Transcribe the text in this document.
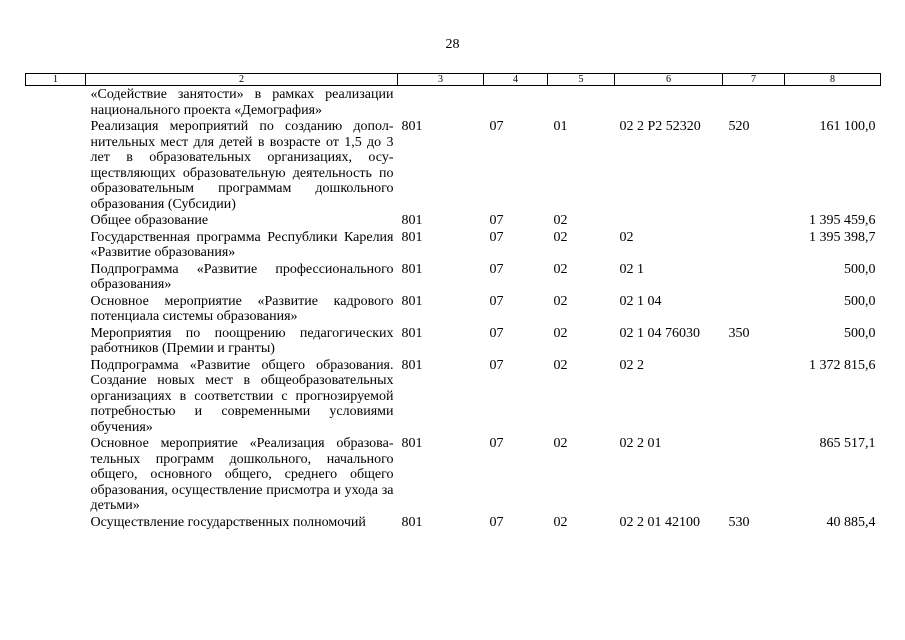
28
1	2	3	4	5	6	7	8
	«Содействие занятости» в рамках реализации национального проекта «Демография»						
	Реализация мероприятий по созданию дополнительных мест для детей в возрасте от 1,5 до 3 лет в образовательных организациях, осуществляющих образовательную деятельность по образовательным программам дошкольного образования (Субсидии)	801	07	01	02 2 Р2 52320	520	161 100,0
	Общее образование	801	07	02			1 395 459,6
	Государственная программа Республики Карелия «Развитие образования»	801	07	02	02		1 395 398,7
	Подпрограмма «Развитие профессионального образования»	801	07	02	02 1		500,0
	Основное мероприятие «Развитие кадрового потенциала системы образования»	801	07	02	02 1 04		500,0
	Мероприятия по поощрению педагогических работников (Премии и гранты)	801	07	02	02 1 04 76030	350	500,0
	Подпрограмма «Развитие общего образования. Создание новых мест в общеобразовательных организациях в соответствии с прогнозируемой потребностью и современными условиями обучения»	801	07	02	02 2		1 372 815,6
	Основное мероприятие «Реализация образовательных программ дошкольного, начального общего, основного общего, среднего общего образования, осуществление присмотра и ухода за детьми»	801	07	02	02 2 01		865 517,1
	Осуществление государственных полномочий	801	07	02	02 2 01 42100	530	40 885,4
